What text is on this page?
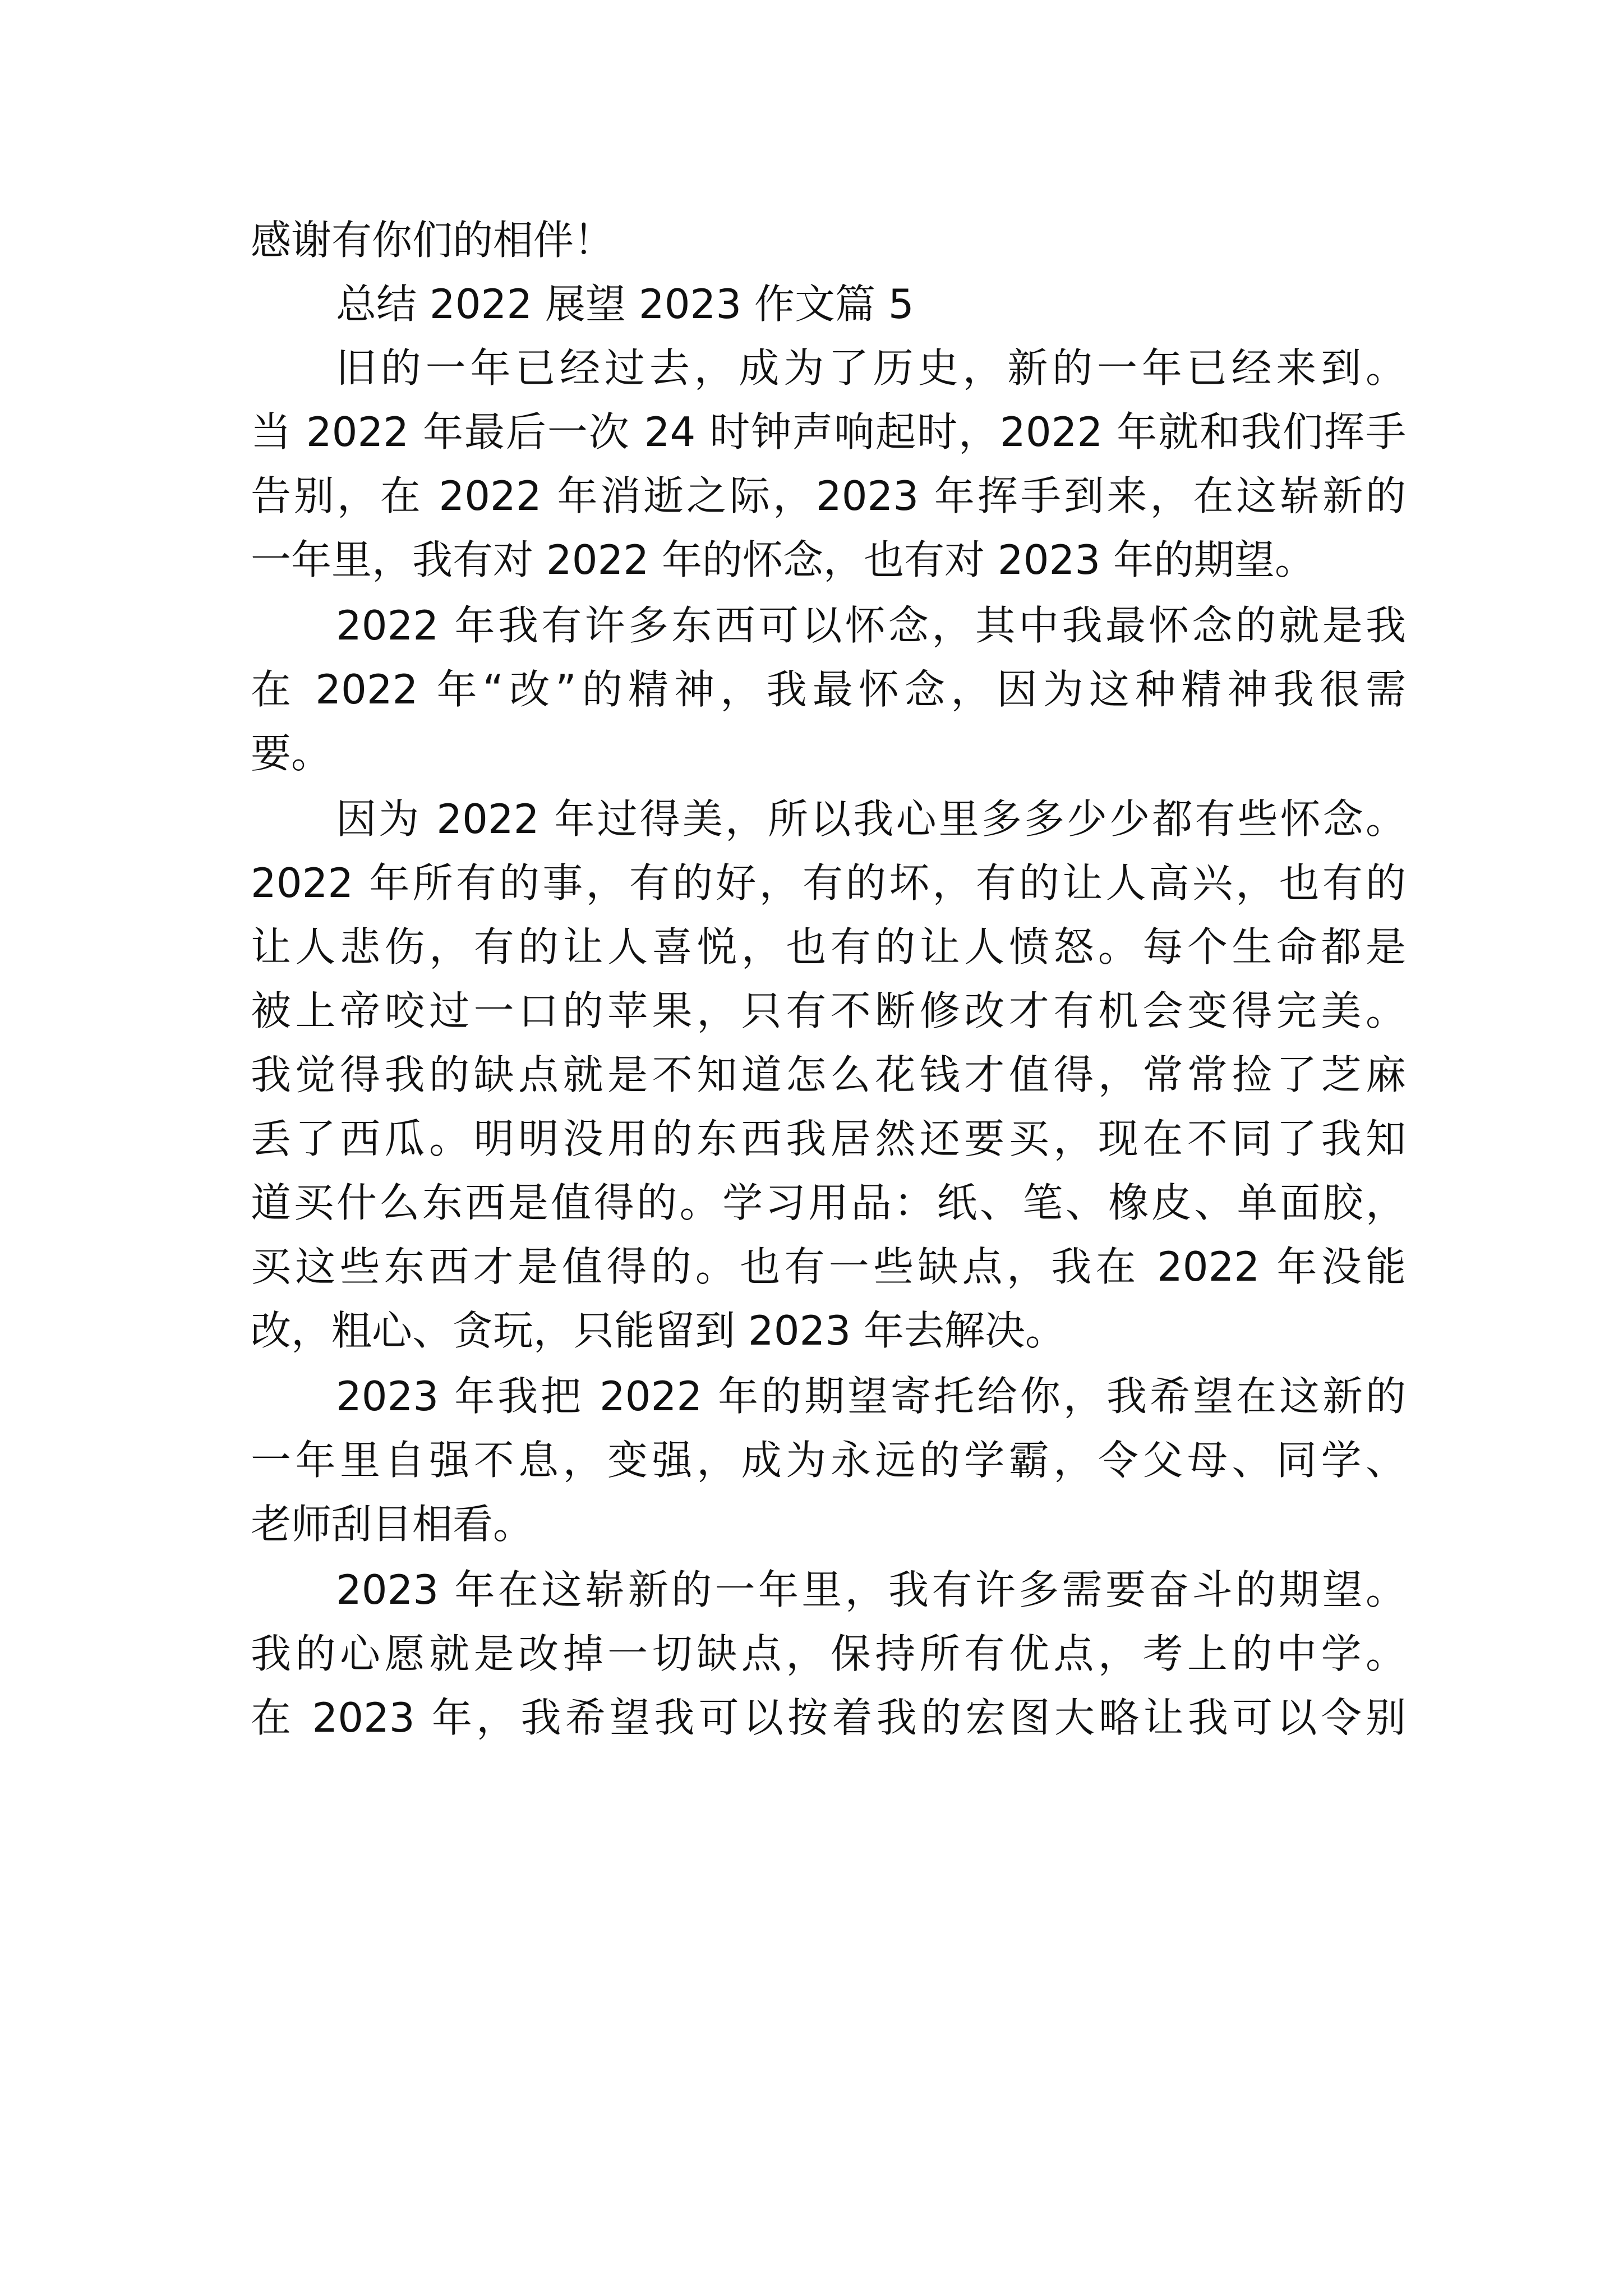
感谢有你们的相伴！
总结 2022 展望 2023 作文篇 5
旧的一年已经过去，成为了历史，新的一年已经来到。
当 2022 年最后一次 24 时钟声响起时，2022 年就和我们挥手
告别，在 2022 年消逝之际，2023 年挥手到来，在这崭新的
一年里，我有对 2022 年的怀念，也有对 2023 年的期望。
2022 年我有许多东西可以怀念，其中我最怀念的就是我
在 2022 年“改”的精神，我最怀念，因为这种精神我很需
要。
因为 2022 年过得美，所以我心里多多少少都有些怀念。
2022 年所有的事，有的好，有的坏，有的让人高兴，也有的
让人悲伤，有的让人喜悦，也有的让人愤怒。每个生命都是
被上帝咬过一口的苹果，只有不断修改才有机会变得完美。
我觉得我的缺点就是不知道怎么花钱才值得，常常捡了芝麻
丢了西瓜。明明没用的东西我居然还要买，现在不同了我知
道买什么东西是值得的。学习用品：纸、笔、橡皮、单面胶，
买这些东西才是值得的。也有一些缺点，我在 2022 年没能
改，粗心、贪玩，只能留到 2023 年去解决。
2023 年我把 2022 年的期望寄托给你，我希望在这新的
一年里自强不息，变强，成为永远的学霸，令父母、同学、
老师刮目相看。
2023 年在这崭新的一年里，我有许多需要奋斗的期望。
我的心愿就是改掉一切缺点，保持所有优点，考上的中学。
在 2023 年，我希望我可以按着我的宏图大略让我可以令别
